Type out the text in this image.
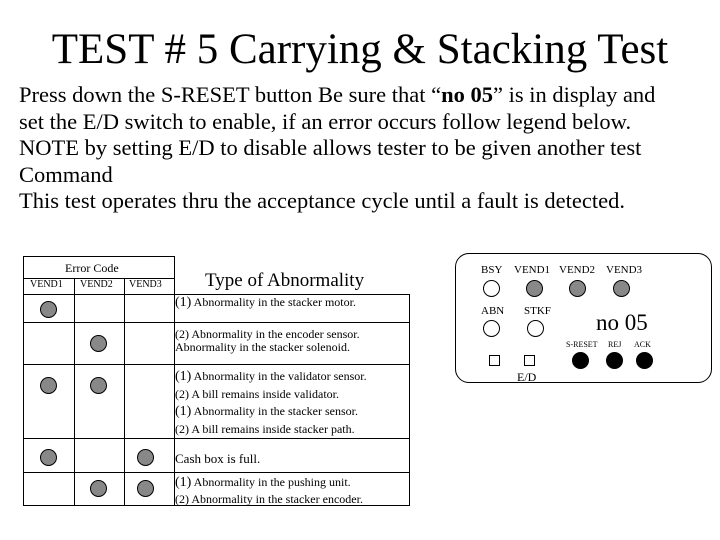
TEST # 5 Carrying & Stacking Test
Press down the S-RESET button Be sure that “no 05” is in display and
set the E/D switch to enable, if an error occurs follow legend below.
NOTE by setting E/D to disable allows tester to be given another test
Command
This test operates thru the acceptance cycle until a fault is detected.
Error Code
VEND1 VEND2 VEND3 Type of Abnormality
(1) Abnormality in the stacker motor.
(2) Abnormality in the encoder sensor.
Abnormality in the stacker solenoid.
(1) Abnormality in the validator sensor.
(2) A bill remains inside validator.
(1) Abnormality in the stacker sensor.
(2) A bill remains inside stacker path.
Cash box is full.
(1) Abnormality in the pushing unit.
(2) Abnormality in the stacker encoder.
BSY VEND1 VEND2 VEND3
ABN STKF no 05
S-RESET REJ ACK
E/D
